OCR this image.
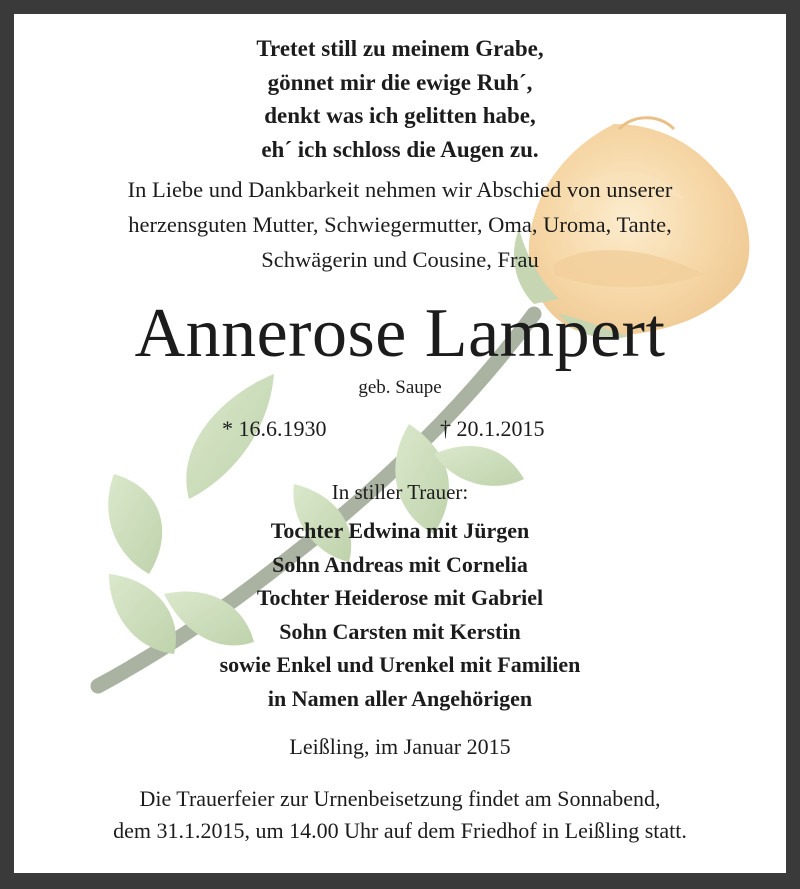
Tretet still zu meinem Grabe,
gönnet mir die ewige Ruh´,
denkt was ich gelitten habe,
eh´ ich schloss die Augen zu.
In Liebe und Dankbarkeit nehmen wir Abschied von unserer
herzensguten Mutter, Schwiegermutter, Oma, Uroma, Tante,
Schwägerin und Cousine, Frau
Annerose Lampert
geb. Saupe
* 16.6.1930	† 20.1.2015
In stiller Trauer:
Tochter Edwina mit Jürgen
Sohn Andreas mit Cornelia
Tochter Heiderose mit Gabriel
Sohn Carsten mit Kerstin
sowie Enkel und Urenkel mit Familien
in Namen aller Angehörigen
Leißling, im Januar 2015
Die Trauerfeier zur Urnenbeisetzung findet am Sonnabend,
dem 31.1.2015, um 14.00 Uhr auf dem Friedhof in Leißling statt.
